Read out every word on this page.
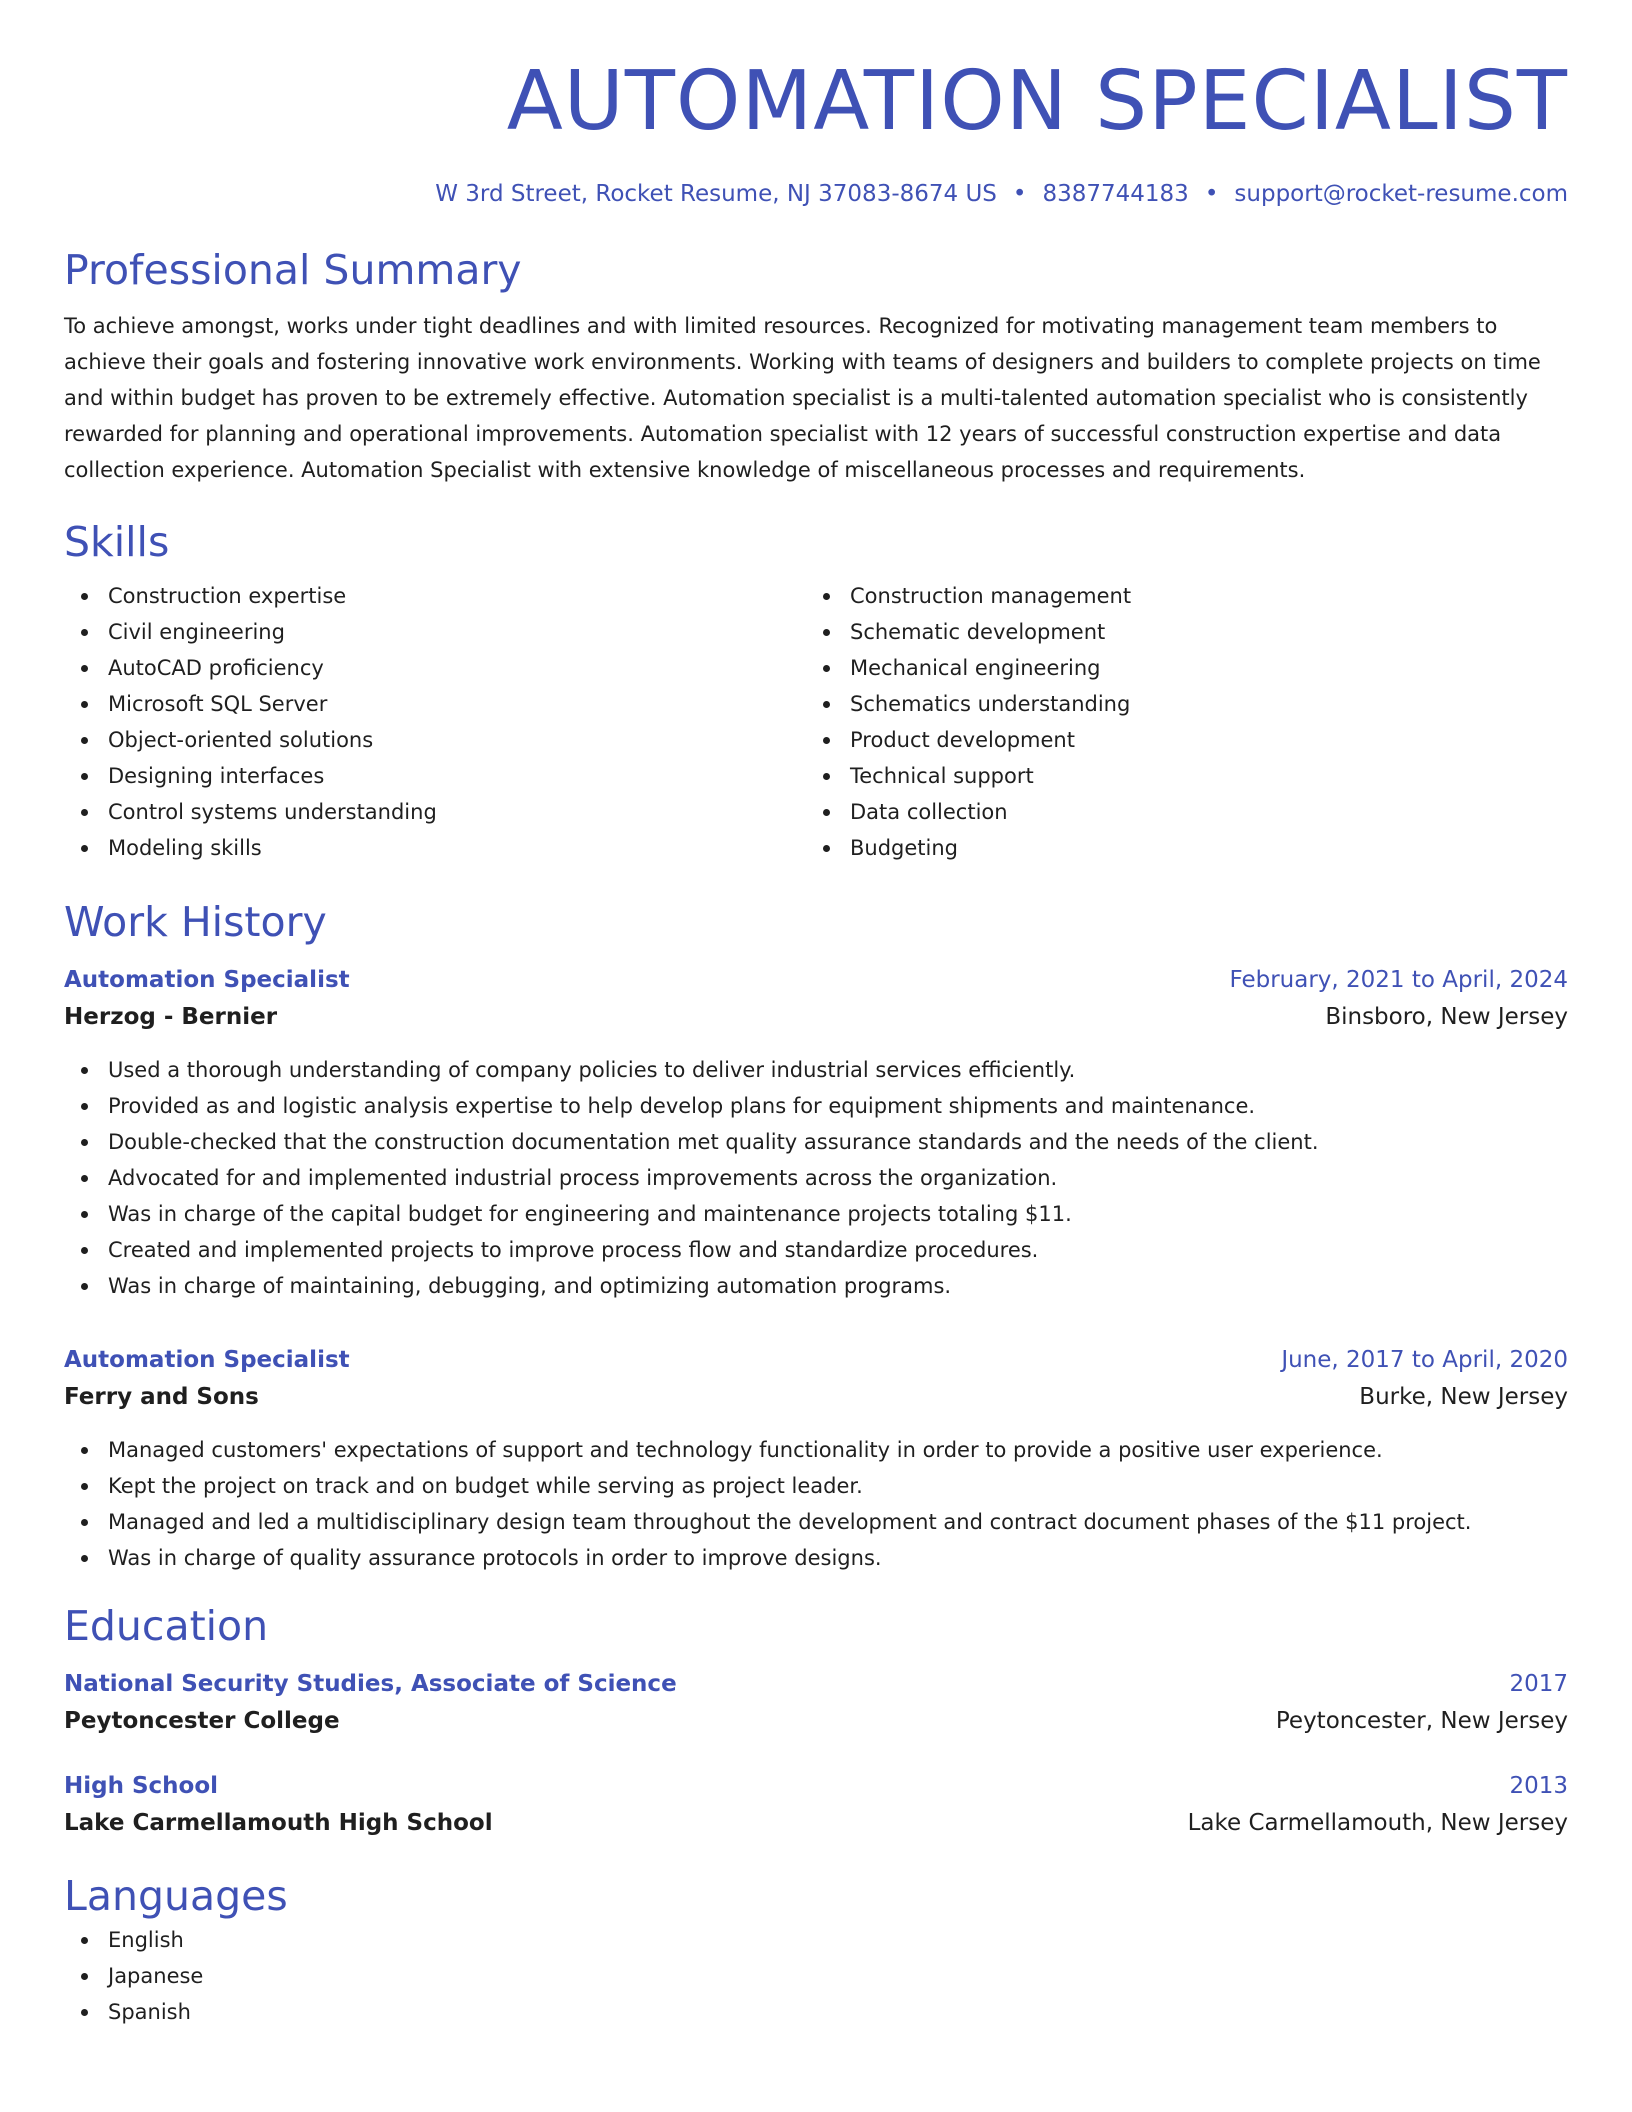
AUTOMATION SPECIALIST
W 3rd Street, Rocket Resume, NJ 37083-8674 US • 8387744183 • support@rocket-resume.com
Professional Summary
To achieve amongst, works under tight deadlines and with limited resources. Recognized for motivating management team members to achieve their goals and fostering innovative work environments. Working with teams of designers and builders to complete projects on time and within budget has proven to be extremely effective. Automation specialist is a multi-talented automation specialist who is consistently rewarded for planning and operational improvements. Automation specialist with 12 years of successful construction expertise and data collection experience. Automation Specialist with extensive knowledge of miscellaneous processes and requirements.
Skills
Construction expertise
Civil engineering
AutoCAD proficiency
Microsoft SQL Server
Object-oriented solutions
Designing interfaces
Control systems understanding
Modeling skills
Construction management
Schematic development
Mechanical engineering
Schematics understanding
Product development
Technical support
Data collection
Budgeting
Work History
Automation Specialist	February, 2021 to April, 2024
Herzog - Bernier	Binsboro, New Jersey
Used a thorough understanding of company policies to deliver industrial services efficiently.
Provided as and logistic analysis expertise to help develop plans for equipment shipments and maintenance.
Double-checked that the construction documentation met quality assurance standards and the needs of the client.
Advocated for and implemented industrial process improvements across the organization.
Was in charge of the capital budget for engineering and maintenance projects totaling $11.
Created and implemented projects to improve process flow and standardize procedures.
Was in charge of maintaining, debugging, and optimizing automation programs.
Automation Specialist	June, 2017 to April, 2020
Ferry and Sons	Burke, New Jersey
Managed customers' expectations of support and technology functionality in order to provide a positive user experience.
Kept the project on track and on budget while serving as project leader.
Managed and led a multidisciplinary design team throughout the development and contract document phases of the $11 project.
Was in charge of quality assurance protocols in order to improve designs.
Education
National Security Studies, Associate of Science	2017
Peytoncester College	Peytoncester, New Jersey
High School	2013
Lake Carmellamouth High School	Lake Carmellamouth, New Jersey
Languages
English
Japanese
Spanish
